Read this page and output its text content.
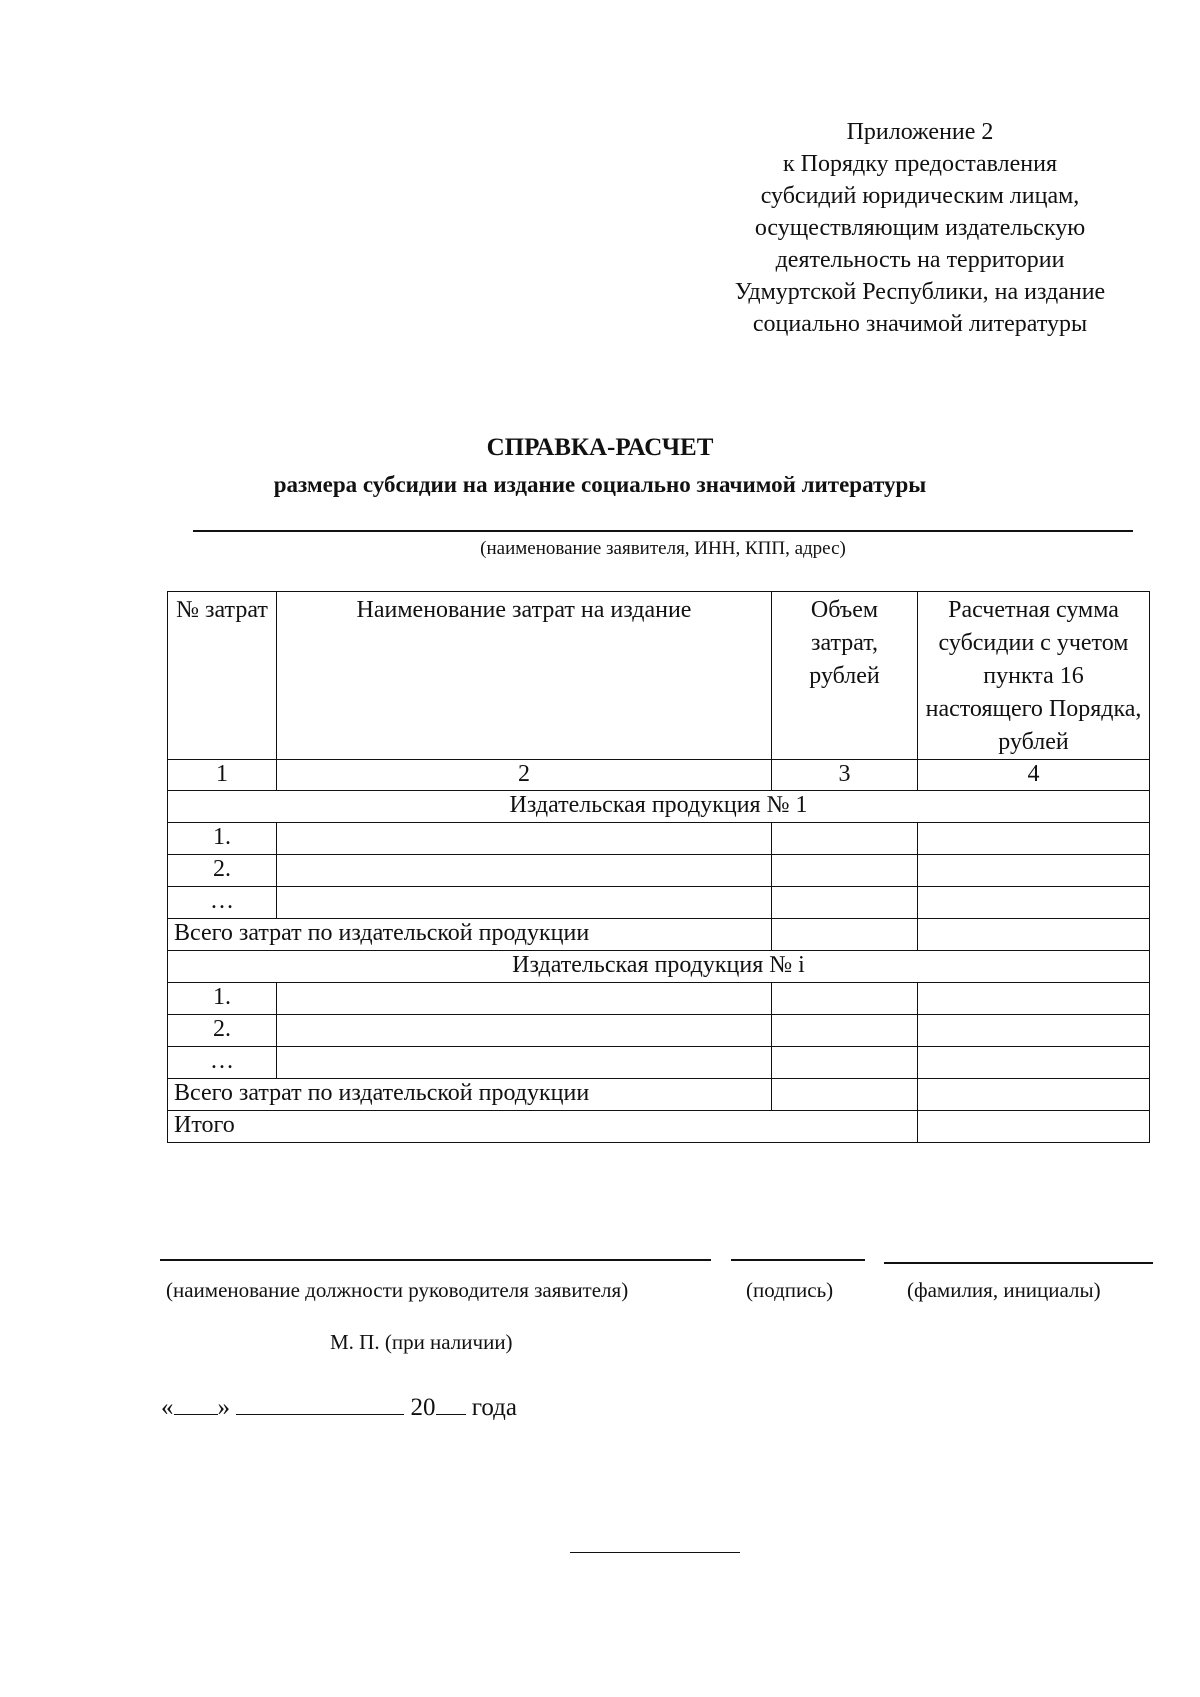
Приложение 2
к Порядку предоставления
субсидий юридическим лицам,
осуществляющим издательскую
деятельность на территории
Удмуртской Республики, на издание
социально значимой литературы
СПРАВКА-РАСЧЕТ
размера субсидии на издание социально значимой литературы
(наименование заявителя, ИНН, КПП, адрес)
№ затрат	Наименование затрат на издание	Объем затрат, рублей	Расчетная сумма субсидии с учетом пункта 16 настоящего Порядка, рублей

1	2	3	4
Издательская продукция № 1			
1.			
2.			
…			
Всего затрат по издательской продукции			
Издательская продукция № i			
1.			
2.			
…			
Всего затрат по издательской продукции			
Итого			
(наименование должности руководителя заявителя)	(подпись)	(фамилия, инициалы)
М. П. (при наличии)
« »	20 года
